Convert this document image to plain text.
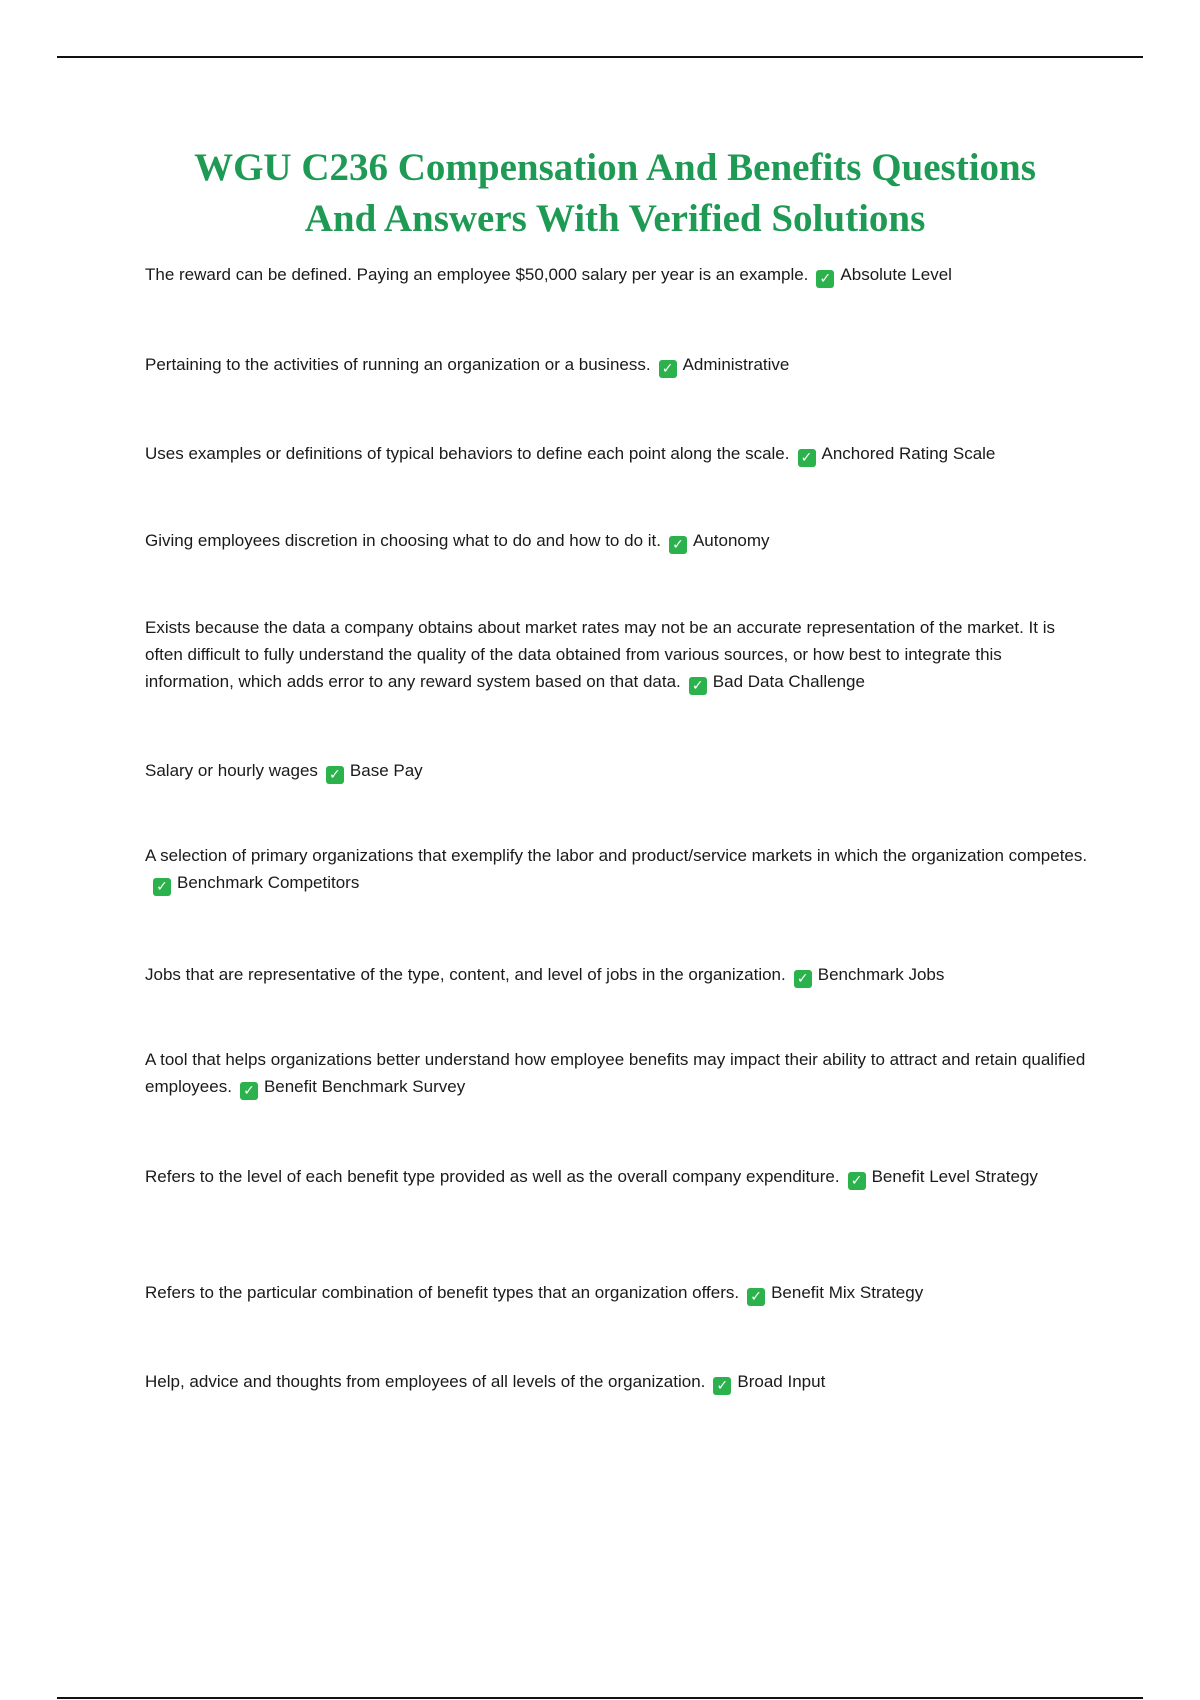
WGU C236 Compensation And Benefits Questions
And Answers With Verified Solutions

The reward can be defined. Paying an employee $50,000 salary per year is an example. ✓ Absolute Level

Pertaining to the activities of running an organization or a business. ✓ Administrative

Uses examples or definitions of typical behaviors to define each point along the scale. ✓ Anchored Rating Scale

Giving employees discretion in choosing what to do and how to do it. ✓ Autonomy

Exists because the data a company obtains about market rates may not be an accurate representation of the market. It is often difficult to fully understand the quality of the data obtained from various sources, or how best to integrate this information, which adds error to any reward system based on that data. ✓ Bad Data Challenge

Salary or hourly wages ✓ Base Pay

A selection of primary organizations that exemplify the labor and product/service markets in which the organization competes.✓ Benchmark Competitors

Jobs that are representative of the type, content, and level of jobs in the organization. ✓ Benchmark Jobs

A tool that helps organizations better understand how employee benefits may impact their ability to attract and retain qualified employees. ✓ Benefit Benchmark Survey

Refers to the level of each benefit type provided as well as the overall company expenditure. ✓ Benefit Level Strategy

Refers to the particular combination of benefit types that an organization offers. ✓ Benefit Mix Strategy

Help, advice and thoughts from employees of all levels of the organization. ✓ Broad Input
